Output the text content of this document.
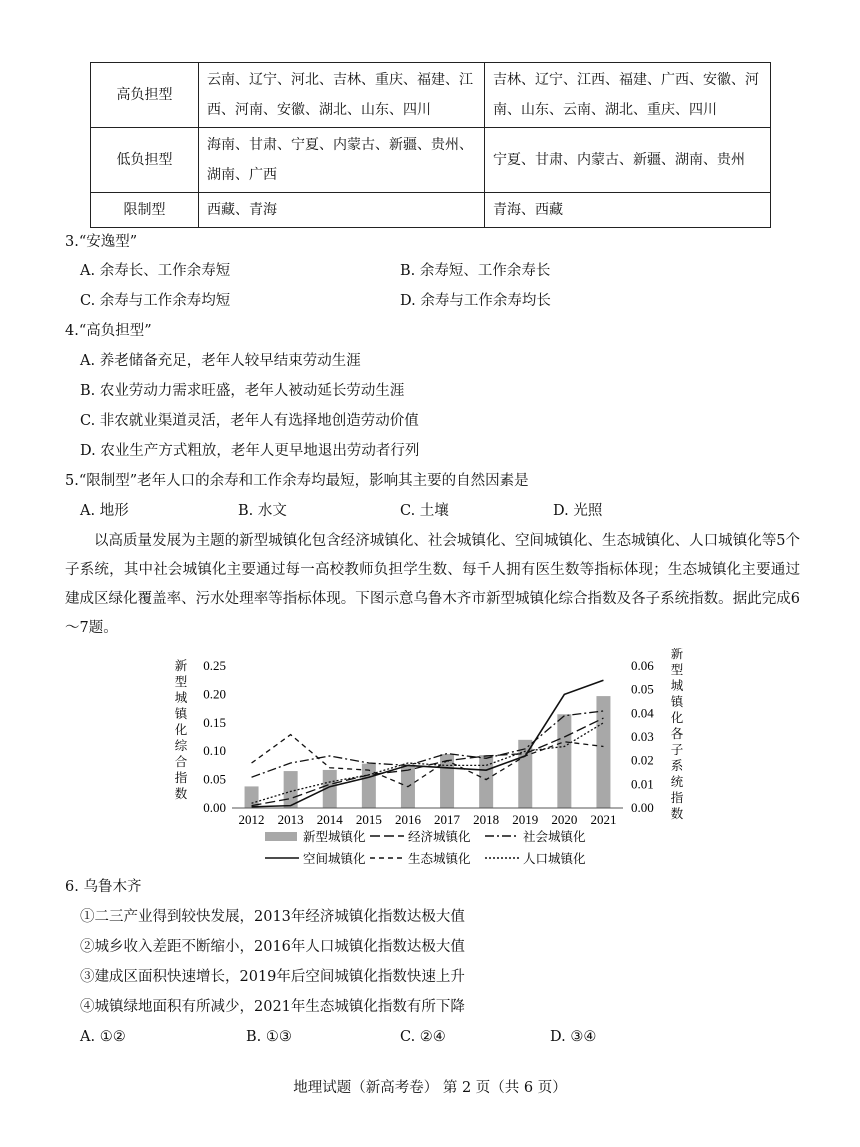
高负担型	云南、辽宁、河北、吉林、重庆、福建、江西、河南、安徽、湖北、山东、四川	吉林、辽宁、江西、福建、广西、安徽、河南、山东、云南、湖北、重庆、四川
低负担型	海南、甘肃、宁夏、内蒙古、新疆、贵州、湖南、广西	宁夏、甘肃、内蒙古、新疆、湖南、贵州
限制型	西藏、青海	青海、西藏
3.“安逸型”
A. 余寿长、工作余寿短	B. 余寿短、工作余寿长
C. 余寿与工作余寿均短	D. 余寿与工作余寿均长
4.“高负担型”
A. 养老储备充足，老年人较早结束劳动生涯
B. 农业劳动力需求旺盛，老年人被动延长劳动生涯
C. 非农就业渠道灵活，老年人有选择地创造劳动价值
D. 农业生产方式粗放，老年人更早地退出劳动者行列
5.“限制型”老年人口的余寿和工作余寿均最短，影响其主要的自然因素是
A. 地形	B. 水文	C. 土壤	D. 光照
以高质量发展为主题的新型城镇化包含经济城镇化、社会城镇化、空间城镇化、生态城镇化、人口城镇化等5个子系统，其中社会城镇化主要通过每一高校教师负担学生数、每千人拥有医生数等指标体现；生态城镇化主要通过建成区绿化覆盖率、污水处理率等指标体现。下图示意乌鲁木齐市新型城镇化综合指数及各子系统指数。据此完成6～7题。
2012 2013 2014 2015 2016 2017 2018 2019 2020 2021
0.00
0.05
0.10
0.15
0.20
0.25
0.00
0.01
0.02
0.03
0.04
0.05
0.06
新
型
城
镇
化
综
合
指
数
新
型
城
镇
化
各
子
系
统
指
数
新型城镇化	经济城镇化	社会城镇化
空间城镇化	生态城镇化	人口城镇化
6. 乌鲁木齐
①二三产业得到较快发展，2013年经济城镇化指数达极大值
②城乡收入差距不断缩小，2016年人口城镇化指数达极大值
③建成区面积快速增长，2019年后空间城镇化指数快速上升
④城镇绿地面积有所减少，2021年生态城镇化指数有所下降
A. ①②	B. ①③	C. ②④	D. ③④
地理试题（新高考卷） 第 2 页（共 6 页）
